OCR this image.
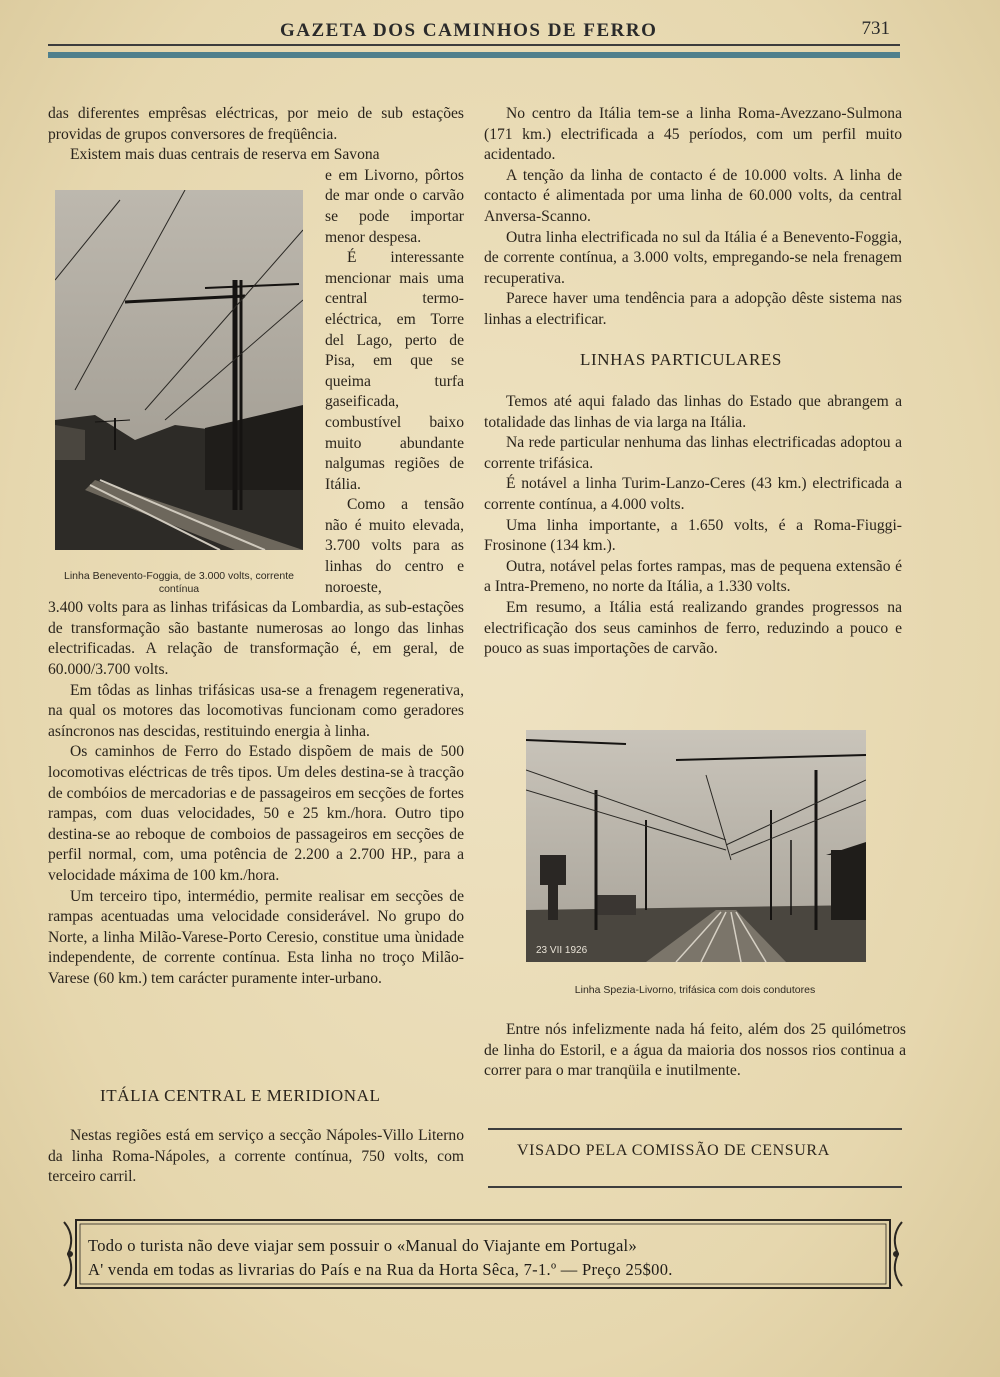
GAZETA DOS CAMINHOS DE FERRO	731

das diferentes emprêsas eléctricas, por meio de sub estações providas de grupos conversores de freqüência.

Existem mais duas centrais de reserva em Savona

e em Livorno, pôrtos de mar onde o carvão se pode importar menor despesa.

É interessante mencionar mais uma central termo-eléctrica, em Torre del Lago, perto de Pisa, em que se queima turfa gaseificada, combustível baixo muito abundante nalgumas regiões de Itália.

Como a tensão não é muito elevada, 3.700 volts para as linhas do centro e noroeste,

3.400 volts para as linhas trifásicas da Lombardia, as sub-estações de transformação são bastante numerosas ao longo das linhas electrificadas. A relação de transformação é, em geral, de 60.000/3.700 volts.

Em tôdas as linhas trifásicas usa-se a frenagem regenerativa, na qual os motores das locomotivas funcionam como geradores asíncronos nas descidas, restituindo energia à linha.

Os caminhos de Ferro do Estado dispõem de mais de 500 locomotivas eléctricas de três tipos. Um deles destina-se à tracção de combóios de mercadorias e de passageiros em secções de fortes rampas, com duas velocidades, 50 e 25 km./hora. Outro tipo destina-se ao reboque de comboios de passageiros em secções de perfil normal, com, uma potência de 2.200 a 2.700 HP., para a velocidade máxima de 100 km./hora.

Um terceiro tipo, intermédio, permite realisar em secções de rampas acentuadas uma velocidade considerável. No grupo do Norte, a linha Milão-Varese-Porto Ceresio, constitue uma ùnidade independente, de corrente contínua. Esta linha no troço Milão-Varese (60 km.) tem carácter puramente inter-urbano.

ITÁLIA CENTRAL E MERIDIONAL

Nestas regiões está em serviço a secção Nápoles-Villo Literno da linha Roma-Nápoles, a corrente contínua, 750 volts, com terceiro carril.

Linha Benevento-Foggia, de 3.000 volts, corrente contínua

No centro da Itália tem-se a linha Roma-Avezzano-Sulmona (171 km.) electrificada a 45 períodos, com um perfil muito acidentado.

A tenção da linha de contacto é de 10.000 volts. A linha de contacto é alimentada por uma linha de 60.000 volts, da central Anversa-Scanno.

Outra linha electrificada no sul da Itália é a Benevento-Foggia, de corrente contínua, a 3.000 volts, empregando-se nela frenagem recuperativa.

Parece haver uma tendência para a adopção dêste sistema nas linhas a electrificar.

LINHAS PARTICULARES

Temos até aqui falado das linhas do Estado que abrangem a totalidade das linhas de via larga na Itália.

Na rede particular nenhuma das linhas electrificadas adoptou a corrente trifásica.

É notável a linha Turim-Lanzo-Ceres (43 km.) electrificada a corrente contínua, a 4.000 volts.

Uma linha importante, a 1.650 volts, é a Roma-Fiuggi-Frosinone (134 km.).

Outra, notável pelas fortes rampas, mas de pequena extensão é a Intra-Premeno, no norte da Itália, a 1.330 volts.

Em resumo, a Itália está realizando grandes progressos na electrificação dos seus caminhos de ferro, reduzindo a pouco e pouco as suas importações de carvão.

23 VII 1926
Linha Spezia-Livorno, trifásica com dois condutores

Entre nós infelizmente nada há feito, além dos 25 quilómetros de linha do Estoril, e a água da maioria dos nossos rios continua a correr para o mar tranqüila e inutilmente.

VISADO PELA COMISSÃO DE CENSURA
Todo o turista não deve viajar sem possuir o «Manual do Viajante em Portugal»
A' venda em todas as livrarias do País e na Rua da Horta Sêca, 7-1.º — Preço 25$00.
